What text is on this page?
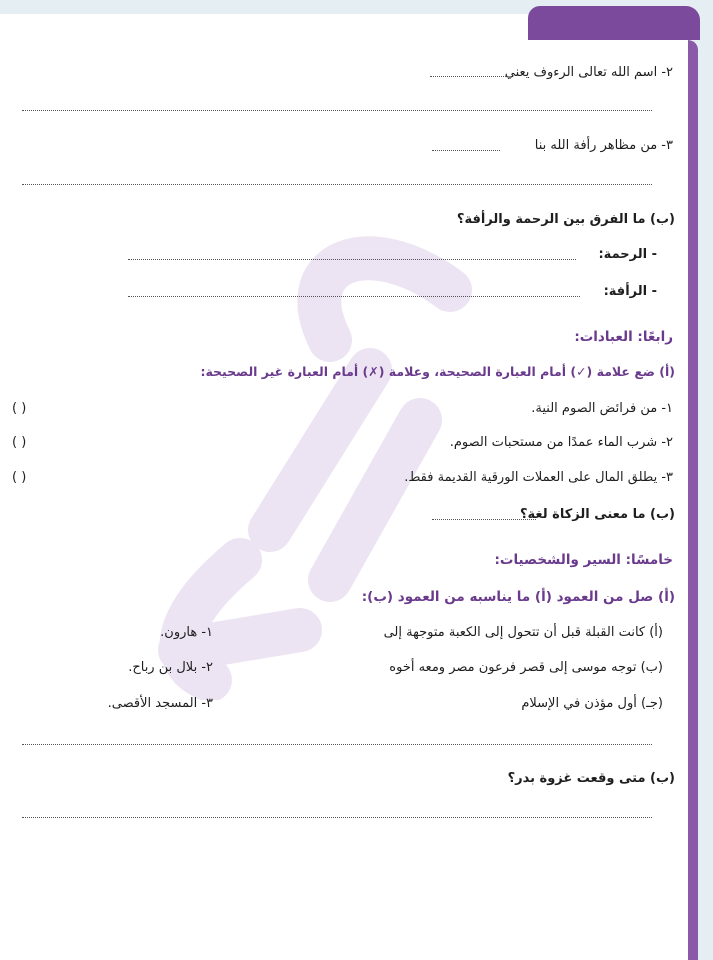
٢- اسم الله تعالى الرءوف يعني
٣- من مظاهر رأفة الله بنا
(ب) ما الفرق بين الرحمة والرأفة؟
- الرحمة:
- الرأفة:
رابعًا: العبادات:
(أ) ضع علامة (✓) أمام العبارة الصحيحة، وعلامة (✗) أمام العبارة غير الصحيحة:
١- من فرائض الصوم النية.
( )
٢- شرب الماء عمدًا من مستحبات الصوم.
( )
٣- يطلق المال على العملات الورقية القديمة فقط.
( )
(ب) ما معنى الزكاة لغة؟
خامسًا: السير والشخصيات:
(أ) صل من العمود (أ) ما يناسبه من العمود (ب):
(أ) كانت القبلة قبل أن تتحول إلى الكعبة متوجهة إلى
(ب) توجه موسى إلى قصر فرعون مصر ومعه أخوه
(جـ) أول مؤذن في الإسلام
١- هارون.
٢- بلال بن رباح.
٣- المسجد الأقصى.
(ب) متى وقعت غزوة بدر؟
